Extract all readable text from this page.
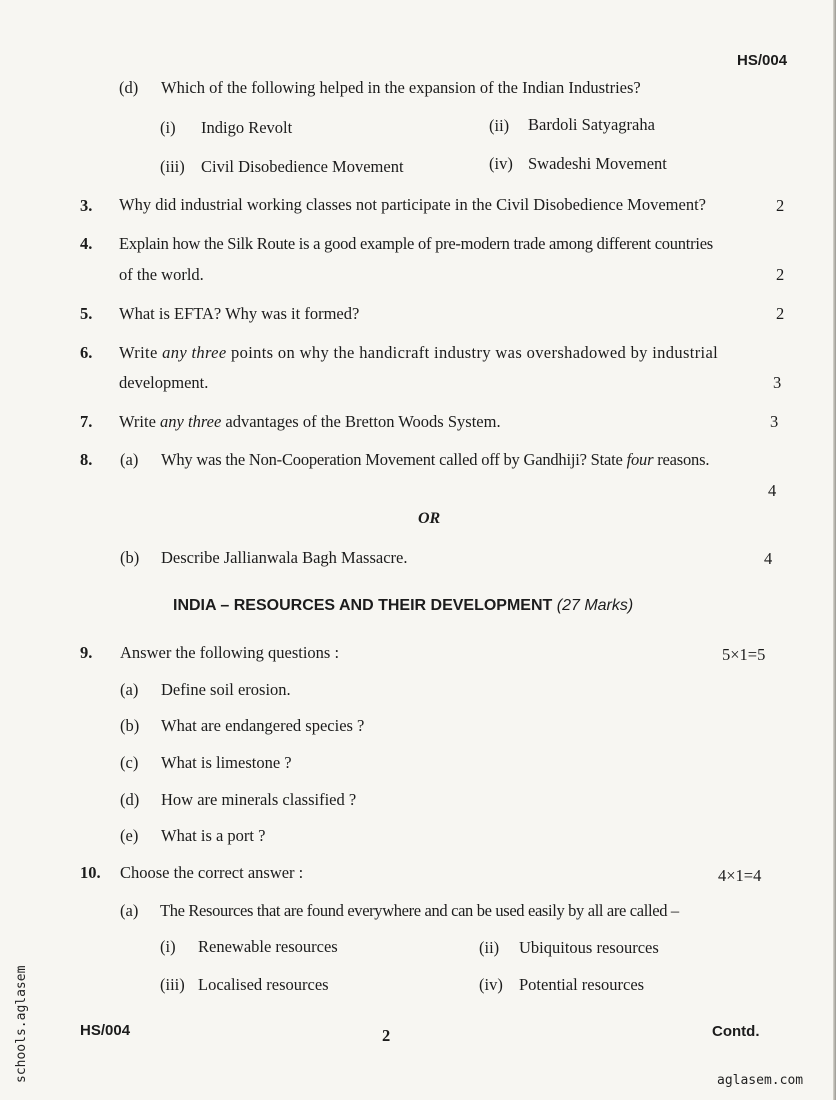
HS/004
(d) Which of the following helped in the expansion of the Indian Industries?
(i) Indigo Revolt	(ii) Bardoli Satyagraha
(iii) Civil Disobedience Movement	(iv) Swadeshi Movement
3. Why did industrial working classes not participate in the Civil Disobedience Movement?	2
4. Explain how the Silk Route is a good example of pre-modern trade among different countries
of the world.	2
5. What is EFTA? Why was it formed?	2
6. Write any three points on why the handicraft industry was overshadowed by industrial
development.	3
7. Write any three advantages of the Bretton Woods System.	3
8. (a) Why was the Non-Cooperation Movement called off by Gandhiji? State four reasons.
4
OR
(b) Describe Jallianwala Bagh Massacre.	4
INDIA – RESOURCES AND THEIR DEVELOPMENT (27 Marks)
9. Answer the following questions :	5×1=5
(a) Define soil erosion.
(b) What are endangered species ?
(c) What is limestone ?
(d) How are minerals classified ?
(e) What is a port ?
10. Choose the correct answer :	4×1=4
(a) The Resources that are found everywhere and can be used easily by all are called –
(i) Renewable resources	(ii) Ubiquitous resources
(iii) Localised resources	(iv) Potential resources
HS/004	2	Contd.
schools.aglasem	aglasem.com
